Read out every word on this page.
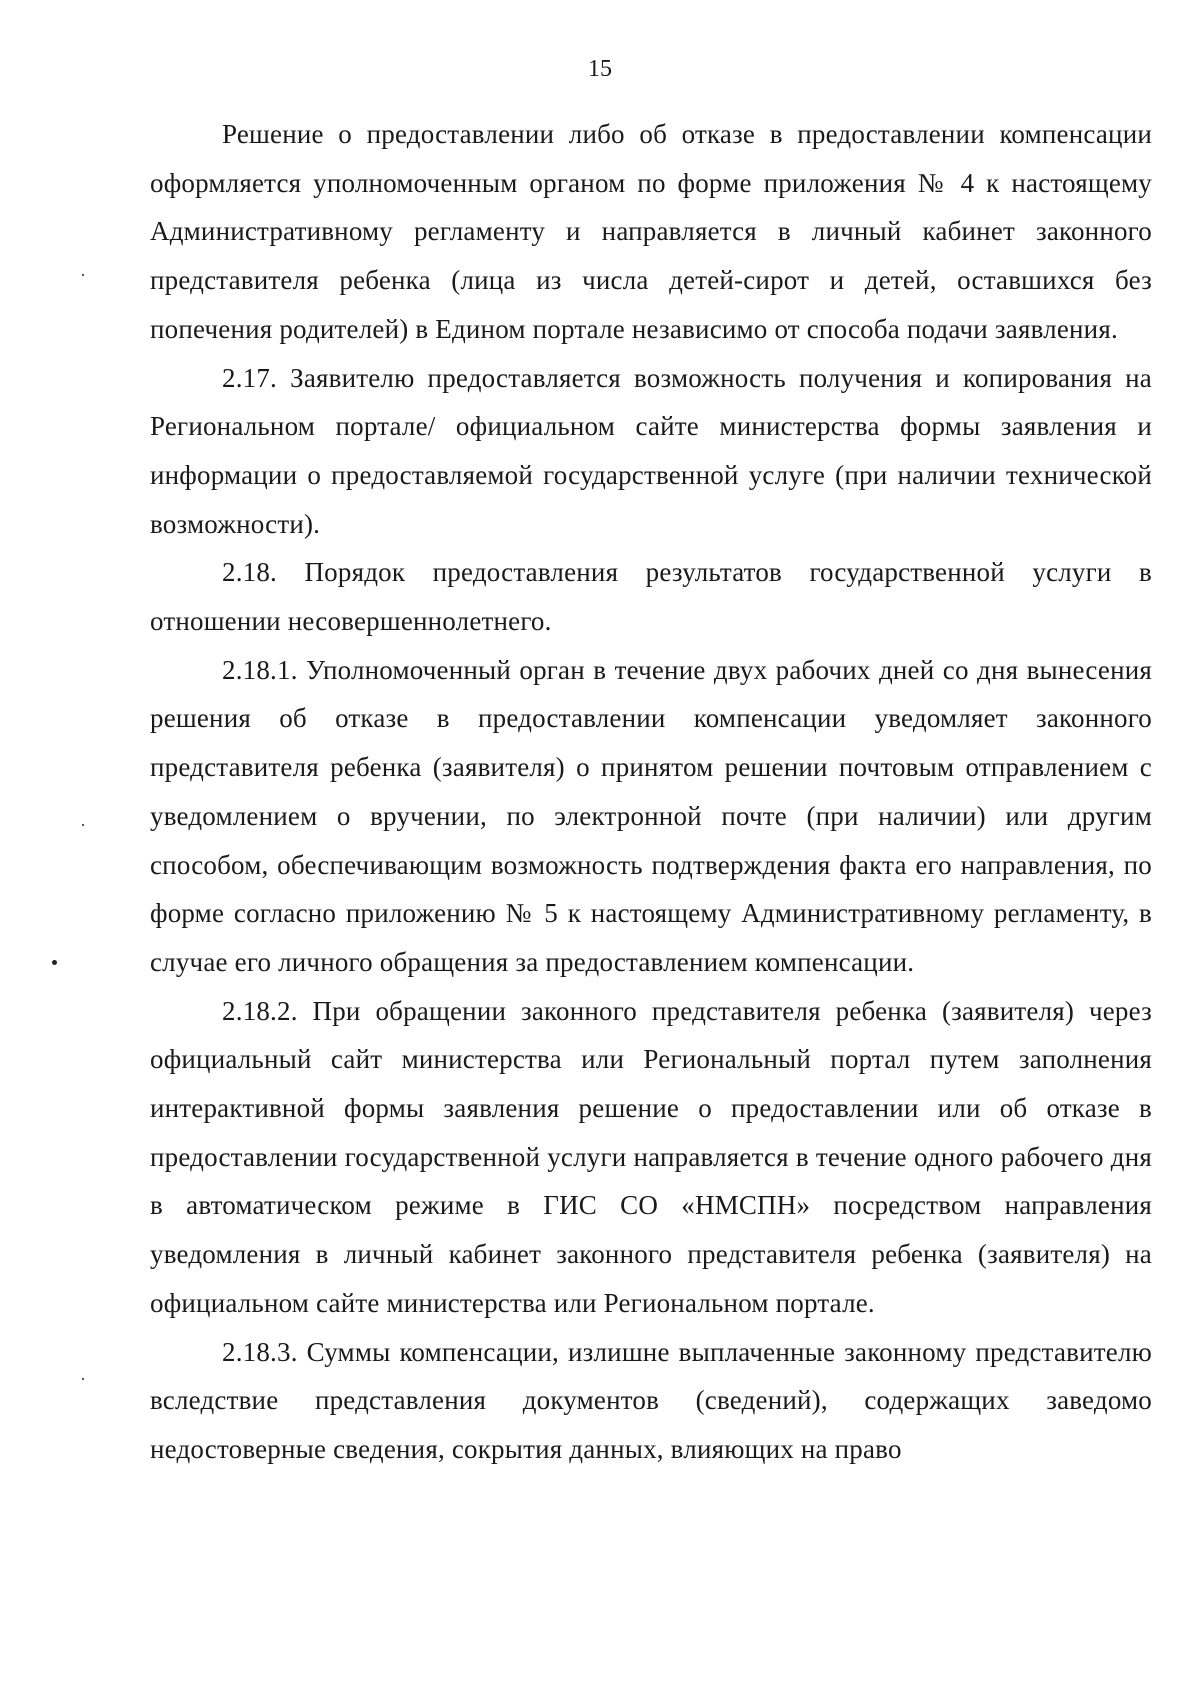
15

Решение о предоставлении либо об отказе в предоставлении компенсации оформляется уполномоченным органом по форме приложения № 4 к настоящему Административному регламенту и направляется в личный кабинет законного представителя ребенка (лица из числа детей-сирот и детей, оставшихся без попечения родителей) в Едином портале независимо от способа подачи заявления.

2.17. Заявителю предоставляется возможность получения и копирования на Региональном портале/ официальном сайте министерства формы заявления и информации о предоставляемой государственной услуге (при наличии технической возможности).

2.18. Порядок предоставления результатов государственной услуги в отношении несовершеннолетнего.

2.18.1. Уполномоченный орган в течение двух рабочих дней со дня вынесения решения об отказе в предоставлении компенсации уведомляет законного представителя ребенка (заявителя) о принятом решении почтовым отправлением с уведомлением о вручении, по электронной почте (при наличии) или другим способом, обеспечивающим возможность подтверждения факта его направления, по форме согласно приложению № 5 к настоящему Административному регламенту, в случае его личного обращения за предоставлением компенсации.

2.18.2. При обращении законного представителя ребенка (заявителя) через официальный сайт министерства или Региональный портал путем заполнения интерактивной формы заявления решение о предоставлении или об отказе в предоставлении государственной услуги направляется в течение одного рабочего дня в автоматическом режиме в ГИС СО «НМСПН» посредством направления уведомления в личный кабинет законного представителя ребенка (заявителя) на официальном сайте министерства или Региональном портале.

2.18.3. Суммы компенсации, излишне выплаченные законному представителю вследствие представления документов (сведений), содержащих заведомо недостоверные сведения, сокрытия данных, влияющих на право
